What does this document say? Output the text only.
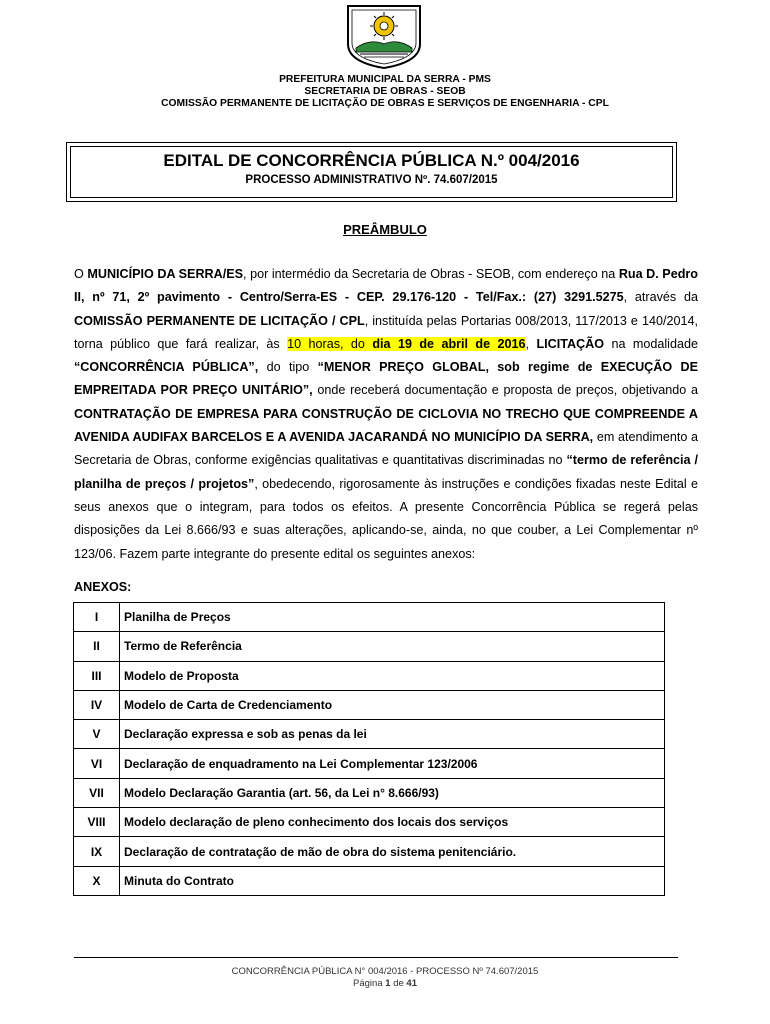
PREFEITURA MUNICIPAL DA SERRA - PMS
SECRETARIA DE OBRAS - SEOB
COMISSÃO PERMANENTE DE LICITAÇÃO DE OBRAS E SERVIÇOS DE ENGENHARIA - CPL
EDITAL DE CONCORRÊNCIA PÚBLICA N.º 004/2016
PROCESSO ADMINISTRATIVO Nº. 74.607/2015
PREÂMBULO
O MUNICÍPIO DA SERRA/ES, por intermédio da Secretaria de Obras - SEOB, com endereço na Rua D. Pedro II, nº 71, 2º pavimento - Centro/Serra-ES - CEP. 29.176-120 - Tel/Fax.: (27) 3291.5275, através da COMISSÃO PERMANENTE DE LICITAÇÃO / CPL, instituída pelas Portarias 008/2013, 117/2013 e 140/2014, torna público que fará realizar, às 10 horas, do dia 19 de abril de 2016, LICITAÇÃO na modalidade “CONCORRÊNCIA PÚBLICA”, do tipo “MENOR PREÇO GLOBAL, sob regime de EXECUÇÃO DE EMPREITADA POR PREÇO UNITÁRIO”, onde receberá documentação e proposta de preços, objetivando a CONTRATAÇÃO DE EMPRESA PARA CONSTRUÇÃO DE CICLOVIA NO TRECHO QUE COMPREENDE A AVENIDA AUDIFAX BARCELOS E A AVENIDA JACARANDÁ NO MUNICÍPIO DA SERRA, em atendimento a Secretaria de Obras, conforme exigências qualitativas e quantitativas discriminadas no “termo de referência / planilha de preços / projetos”, obedecendo, rigorosamente às instruções e condições fixadas neste Edital e seus anexos que o integram, para todos os efeitos. A presente Concorrência Pública se regerá pelas disposições da Lei 8.666/93 e suas alterações, aplicando-se, ainda, no que couber, a Lei Complementar nº 123/06. Fazem parte integrante do presente edital os seguintes anexos:
ANEXOS:
I	Planilha de Preços
II	Termo de Referência
III	Modelo de Proposta
IV	Modelo de Carta de Credenciamento
V	Declaração expressa e sob as penas da lei
VI	Declaração de enquadramento na Lei Complementar 123/2006
VII	Modelo Declaração Garantia (art. 56, da Lei n° 8.666/93)
VIII	Modelo declaração de pleno conhecimento dos locais dos serviços
IX	Declaração de contratação de mão de obra do sistema penitenciário.
X	Minuta do Contrato
CONCORRÊNCIA PÚBLICA N° 004/2016 - PROCESSO Nº 74.607/2015
Página 1 de 41
